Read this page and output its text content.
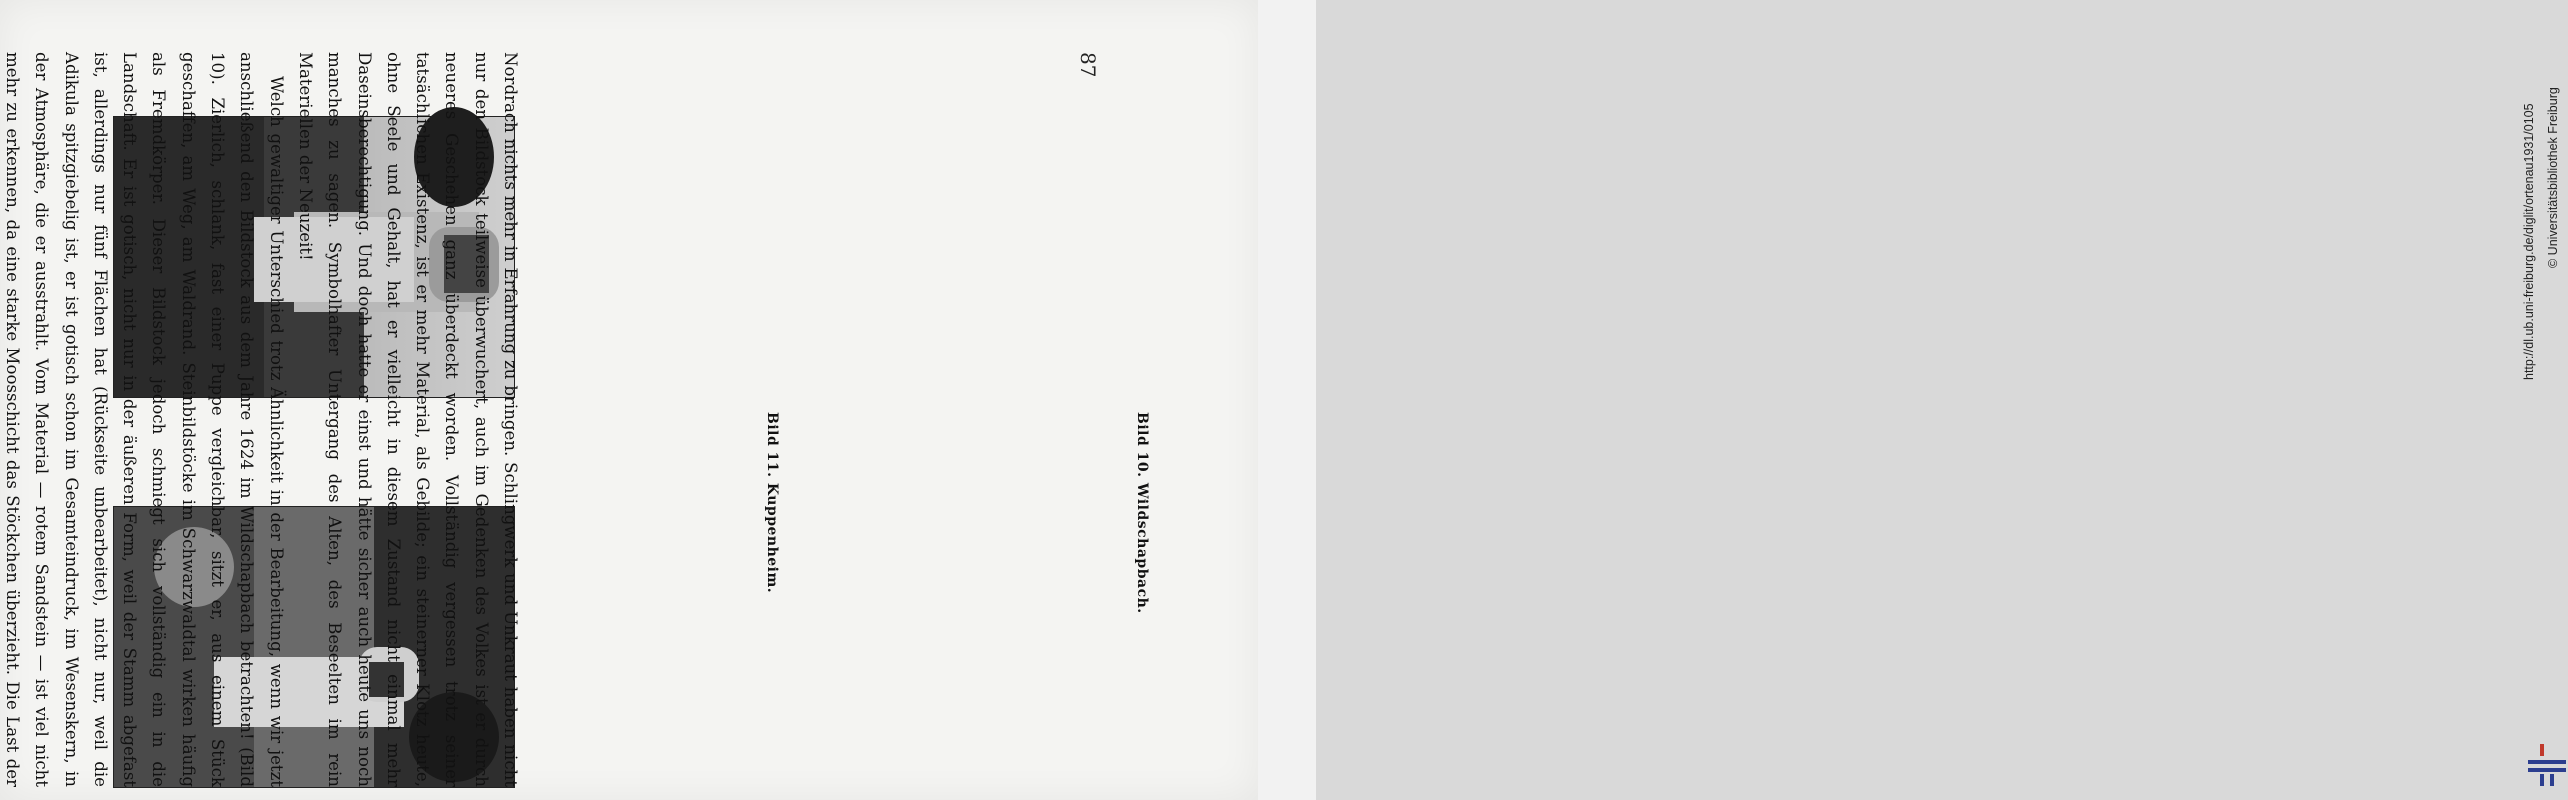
87
Bild 11. Kuppenheim.	Bild 10. Wildschapbach.

Nordrach nichts mehr in Erfahrung zu bringen. Schlingwerk und Unkraut haben nicht nur den Bildstock teilweise überwuchert, auch im Gedenken des Volkes ist er durch neueres Geschehen ganz überdeckt worden. Vollständig vergessen trotz seiner tatsächlichen Existenz, ist er mehr Material, als Gebilde; ein steinerner Klotz heute, ohne Seele und Gehalt, hat er vielleicht in diesem Zustand nicht einmal mehr Daseinsberechtigung. Und doch hatte er einst und hätte sicher auch heute uns noch manches zu sagen. Symbolhafter Untergang des Alten, des Beseelten im rein Materiellen der Neuzeit!

Welch gewaltiger Unterschied trotz Ähnlichkeit in der Bearbeitung, wenn wir jetzt anschließend den Bildstock aus dem Jahre 1624 im Wildschapbach betrachten! (Bild 10). Zierlich, schlank, fast einer Puppe vergleichbar, sitzt er, aus einem Stück geschaffen, am Weg, am Waldrand. Steinbildstöcke im Schwarzwaldtal wirken häufig als Fremdkörper. Dieser Bildstock jedoch schmiegt sich vollständig ein in die Landschaft. Er ist gotisch, nicht nur in der äußeren Form, weil der Stamm abgefast ist, allerdings nur fünf Flächen hat (Rückseite unbearbeitet), nicht nur, weil die Adikula spitzgiebelig ist, er ist gotisch schon im Gesamteindruck, im Wesenskern, in der Atmosphäre, die er ausstrahlt. Vom Material — rotem Sandstein — ist viel nicht mehr zu erkennen, da eine starke Moosschicht das Stöckchen überzieht. Die Last der

http://dl.ub.uni-freiburg.de/diglit/ortenau1931/0105 © Universitätsbibliothek Freiburg
